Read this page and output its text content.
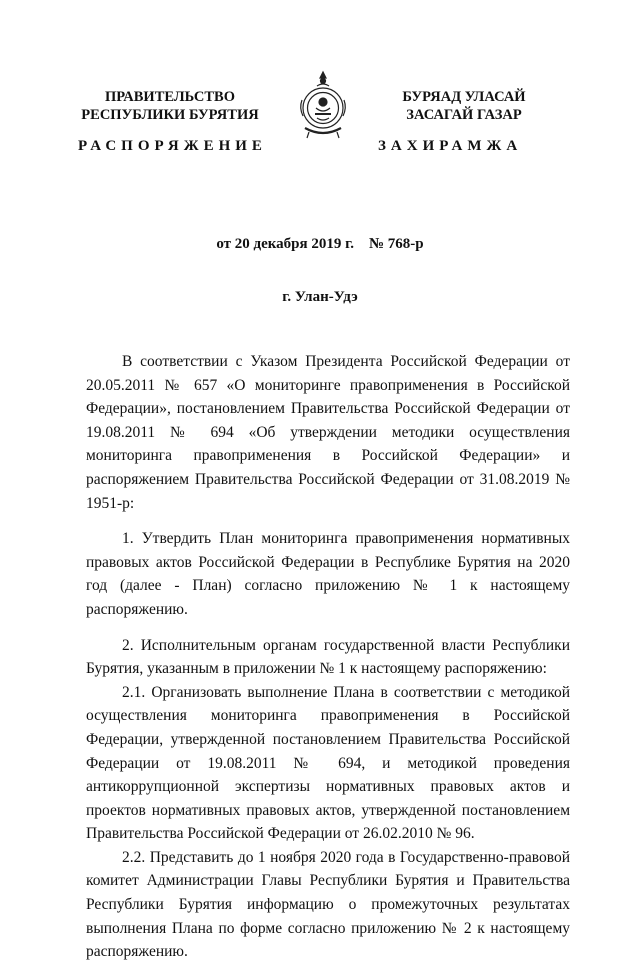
ПРАВИТЕЛЬСТВО
РЕСПУБЛИКИ БУРЯТИЯ
РАСПОРЯЖЕНИЕ
БУРЯАД УЛАСАЙ
ЗАСАГАЙ ГАЗАР
ЗАХИРАМЖА
от 20 декабря 2019 г.    № 768-р
г. Улан-Удэ

В соответствии с Указом Президента Российской Федерации от 20.05.2011 № 657 «О мониторинге правоприменения в Российской Федерации», постановлением Правительства Российской Федерации от 19.08.2011 № 694 «Об утверждении методики осуществления мониторинга правоприменения в Российской Федерации» и распоряжением Правительства Российской Федерации от 31.08.2019 № 1951-р:

1. Утвердить План мониторинга правоприменения нормативных правовых актов Российской Федерации в Республике Бурятия на 2020 год (далее - План) согласно приложению № 1 к настоящему распоряжению.

2. Исполнительным органам государственной власти Республики Бурятия, указанным в приложении № 1 к настоящему распоряжению:

2.1. Организовать выполнение Плана в соответствии с методикой осуществления мониторинга правоприменения в Российской Федерации, утвержденной постановлением Правительства Российской Федерации от 19.08.2011 № 694, и методикой проведения антикоррупционной экспертизы нормативных правовых актов и проектов нормативных правовых актов, утвержденной постановлением Правительства Российской Федерации от 26.02.2010 № 96.

2.2. Представить до 1 ноября 2020 года в Государственно-правовой комитет Администрации Главы Республики Бурятия и Правительства Республики Бурятия информацию о промежуточных результатах выполнения Плана по форме согласно приложению № 2 к настоящему распоряжению.
